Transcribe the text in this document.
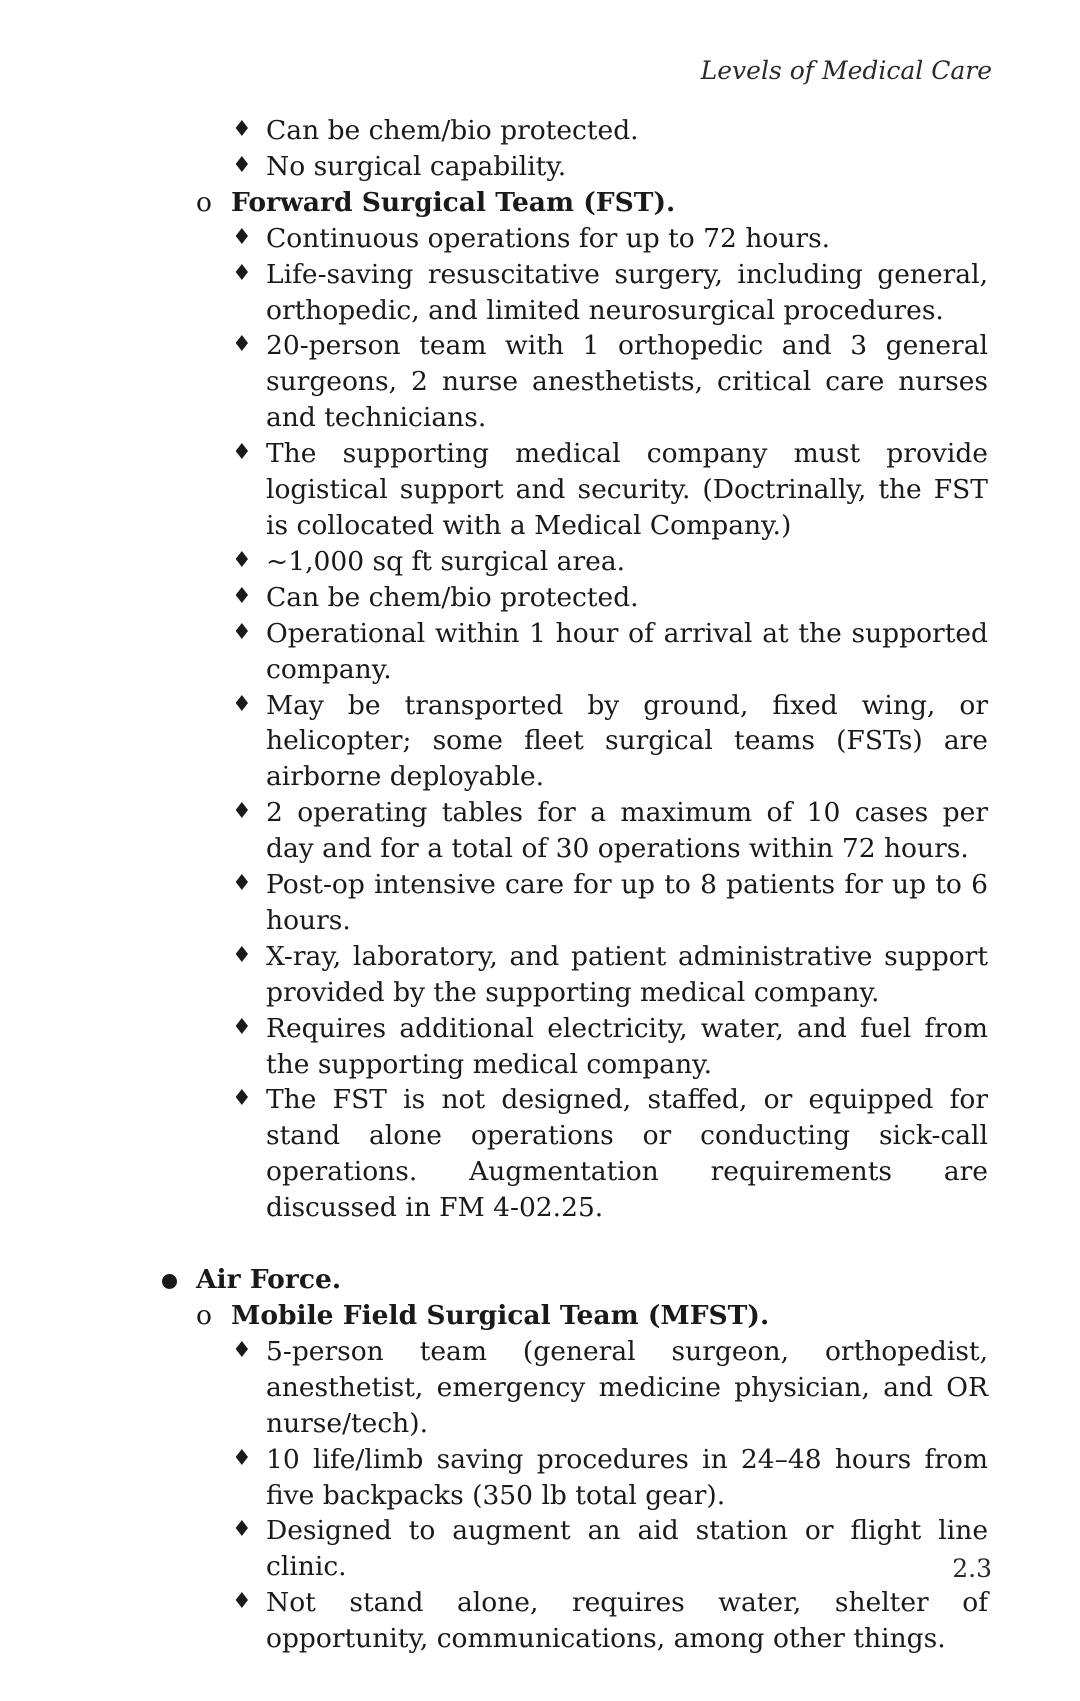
Levels of Medical Care
♦ Can be chem/bio protected.
♦ No surgical capability.
o Forward Surgical Team (FST).
♦ Continuous operations for up to 72 hours.
♦ Life-saving resuscitative surgery, including general, orthopedic, and limited neurosurgical procedures.
♦ 20-person team with 1 orthopedic and 3 general surgeons, 2 nurse anesthetists, critical care nurses and technicians.
♦ The supporting medical company must provide logistical support and security. (Doctrinally, the FST is collocated with a Medical Company.)
♦ ~1,000 sq ft surgical area.
♦ Can be chem/bio protected.
♦ Operational within 1 hour of arrival at the supported company.
♦ May be transported by ground, fixed wing, or helicopter; some fleet surgical teams (FSTs) are airborne deployable.
♦ 2 operating tables for a maximum of 10 cases per day and for a total of 30 operations within 72 hours.
♦ Post-op intensive care for up to 8 patients for up to 6 hours.
♦ X-ray, laboratory, and patient administrative support provided by the supporting medical company.
♦ Requires additional electricity, water, and fuel from the supporting medical company.
♦ The FST is not designed, staffed, or equipped for stand alone operations or conducting sick-call operations. Augmentation requirements are discussed in FM 4-02.25.
Air Force.
o Mobile Field Surgical Team (MFST).
♦ 5-person team (general surgeon, orthopedist, anesthetist, emergency medicine physician, and OR nurse/tech).
♦ 10 life/limb saving procedures in 24–48 hours from five backpacks (350 lb total gear).
♦ Designed to augment an aid station or flight line clinic.
♦ Not stand alone, requires water, shelter of opportunity, communications, among other things.
2.3
